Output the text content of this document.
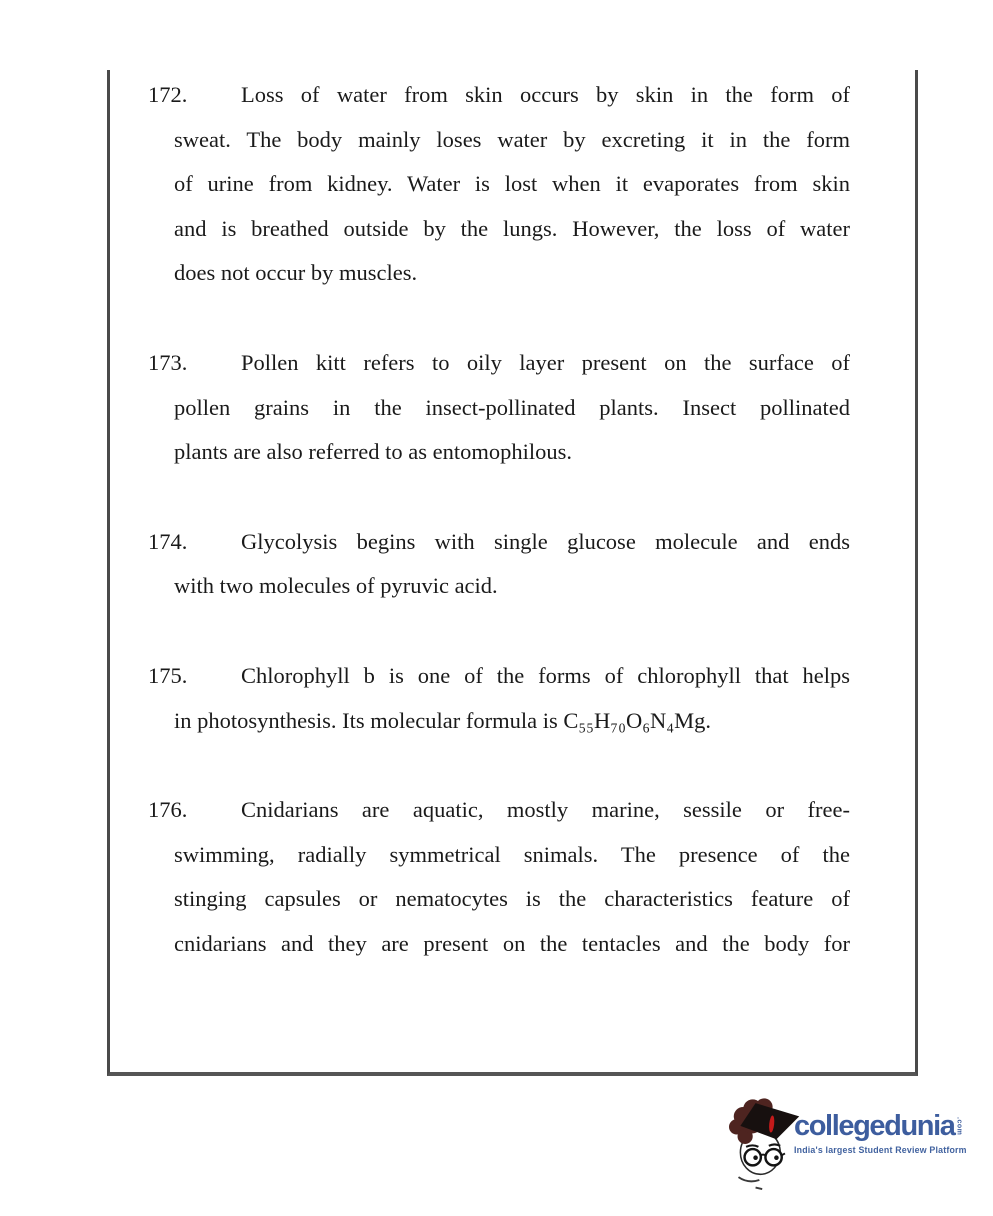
172.	Loss of water from skin occurs by skin in the form of
sweat. The body mainly loses water by excreting it in the form
of urine from kidney. Water is lost when it evaporates from skin
and is breathed outside by the lungs. However, the loss of water
does not occur by muscles.
173.	Pollen kitt refers to oily layer present on the surface of
pollen grains in the insect-pollinated plants. Insect pollinated
plants are also referred to as entomophilous.
174.	Glycolysis begins with single glucose molecule and ends
with two molecules of pyruvic acid.
175.	Chlorophyll b is one of the forms of chlorophyll that helps
in photosynthesis. Its molecular formula is C₅₅H₇₀O₆N₄Mg.
176.	Cnidarians are aquatic, mostly marine, sessile or free-
swimming, radially symmetrical snimals. The presence of the
stinging capsules or nematocytes is the characteristics feature of
cnidarians and they are present on the tentacles and the body for
collegedunia .com
India's largest Student Review Platform
